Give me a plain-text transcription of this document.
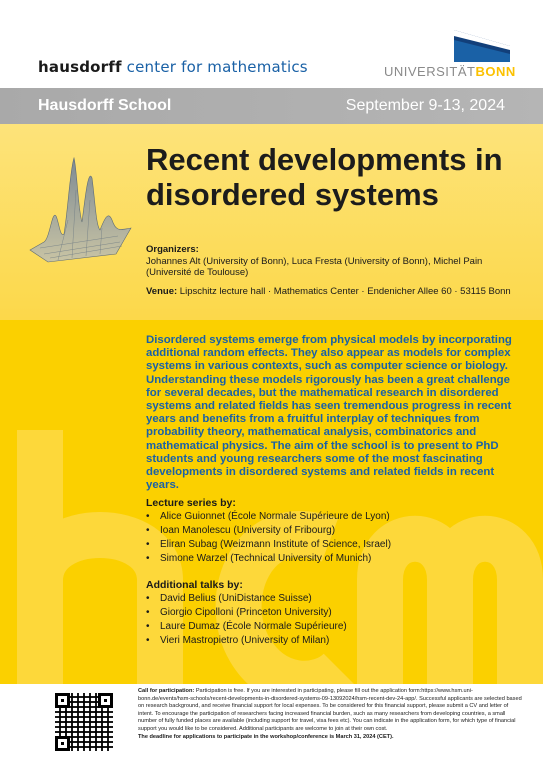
hausdorff center for mathematics	UNIVERSITÄTBONN
Hausdorff School	September 9-13, 2024
Recent developments in
disordered systems
Organizers:
Johannes Alt (University of Bonn), Luca Fresta (University of Bonn), Michel Pain (Université de Toulouse)
Venue: Lipschitz lecture hall · Mathematics Center · Endenicher Allee 60 · 53115 Bonn
Disordered systems emerge from physical models by incorporating additional random effects. They also appear as models for complex systems in various contexts, such as computer science or biology. Understanding these models rigorously has been a great challenge for several decades, but the mathematical research in disordered systems and related fields has seen tremendous progress in recent years and benefits from a fruitful interplay of techniques from probability theory, mathematical analysis, combinatorics and mathematical physics. The aim of the school is to present to PhD students and young researchers some of the most fascinating developments in disordered systems and related fields in recent years.
Lecture series by:
• Alice Guionnet (École Normale Supérieure de Lyon)
• Ioan Manolescu (University of Fribourg)
• Eliran Subag (Weizmann Institute of Science, Israel)
• Simone Warzel (Technical University of Munich)
Additional talks by:
• David Belius (UniDistance Suisse)
• Giorgio Cipolloni (Princeton University)
• Laure Dumaz (École Normale Supérieure)
• Vieri Mastropietro (University of Milan)
Call for participation: Participation is free. If you are interested in participating, please fill out the application form:https://www.hsm.uni-bonn.de/events/hsm-schools/recent-developments-in-disordered-systems-09-13092024/hsm-recent-dev-24-app/. Successful applicants are selected based on research background, and receive financial support for local expenses. To be considered for this financial support, please submit a CV and letter of intent. To encourage the participation of researchers facing increased financial burden, such as many researchers from developing countries, a small number of fully funded places are available (including support for travel, visa fees etc). You can indicate in the application form, for which type of financial support you would like to be considered. Additional participants are welcome to join at their own cost.
The deadline for applications to participate in the workshop/conference is March 31, 2024 (CET).
